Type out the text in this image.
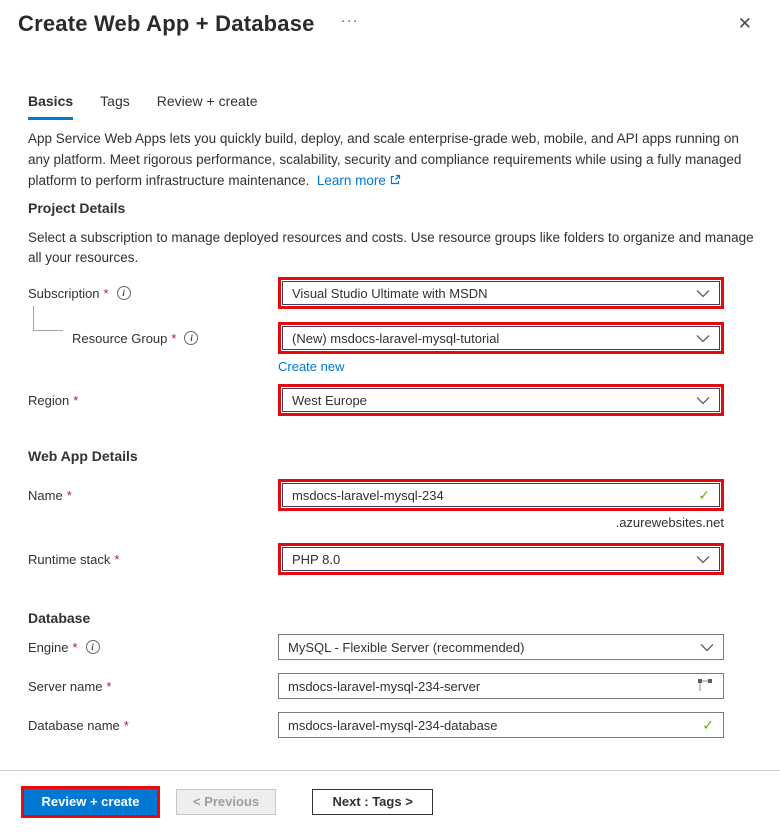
Create Web App + Database ···	✕
Basics Tags Review + create

App Service Web Apps lets you quickly build, deploy, and scale enterprise-grade web, mobile, and API apps running on any platform. Meet rigorous performance, scalability, security and compliance requirements while using a fully managed platform to perform infrastructure maintenance. Learn more

Project Details

Select a subscription to manage deployed resources and costs. Use resource groups like folders to organize and manage all your resources.

Subscription *	i	Visual Studio Ultimate with MSDN
Resource Group *	i	(New) msdocs-laravel-mysql-tutorial
Create new
Region *	West Europe
Web App Details
Name *	msdocs-laravel-mysql-234	✓
.azurewebsites.net
Runtime stack *	PHP 8.0
Database
Engine *	i	MySQL - Flexible Server (recommended)
Server name *	msdocs-laravel-mysql-234-server
Database name *	msdocs-laravel-mysql-234-database	✓
Review + create	< Previous	Next : Tags >
